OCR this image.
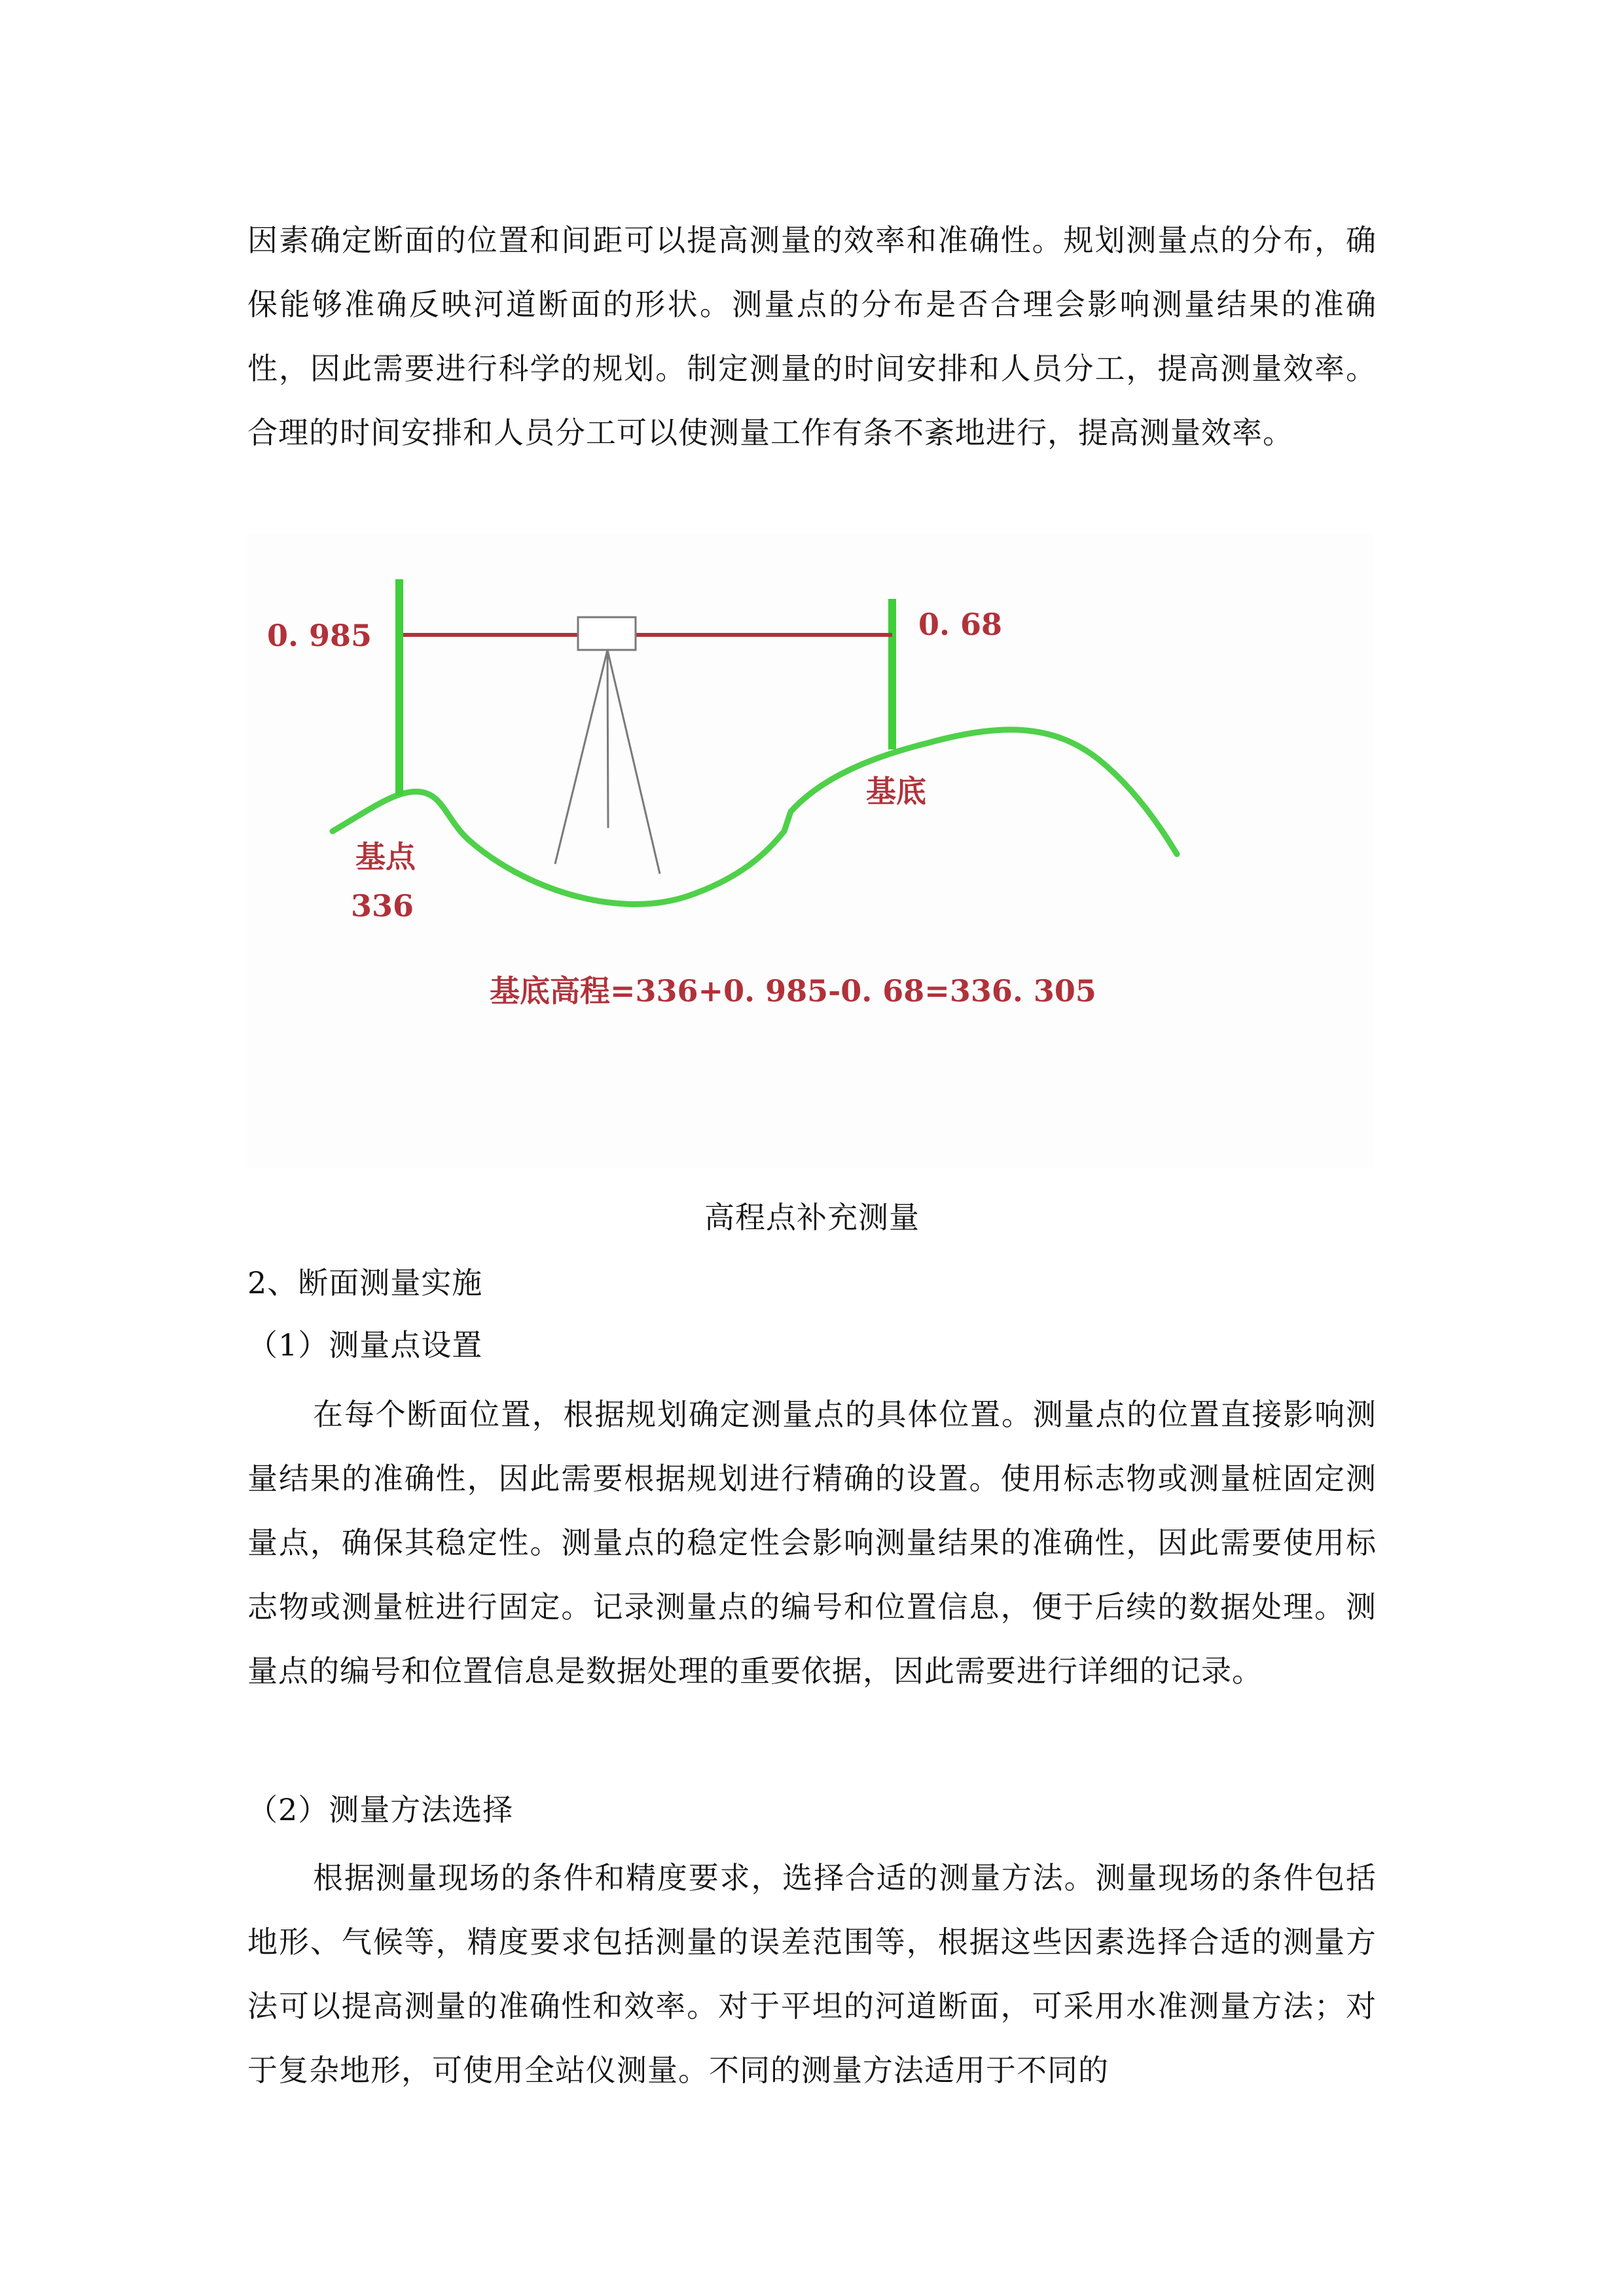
因素确定断面的位置和间距可以提高测量的效率和准确性。规划测量点的分布，确保能够准确反映河道断面的形状。测量点的分布是否合理会影响测量结果的准确性，因此需要进行科学的规划。制定测量的时间安排和人员分工，提高测量效率。合理的时间安排和人员分工可以使测量工作有条不紊地进行，提高测量效率。

0. 985	0. 68
基底
基点
336
基底高程=336+0. 985-0. 68=336. 305

高程点补充测量

2、断面测量实施

（1）测量点设置

在每个断面位置，根据规划确定测量点的具体位置。测量点的位置直接影响测量结果的准确性，因此需要根据规划进行精确的设置。使用标志物或测量桩固定测量点，确保其稳定性。测量点的稳定性会影响测量结果的准确性，因此需要使用标志物或测量桩进行固定。记录测量点的编号和位置信息，便于后续的数据处理。测量点的编号和位置信息是数据处理的重要依据，因此需要进行详细的记录。

（2）测量方法选择

根据测量现场的条件和精度要求，选择合适的测量方法。测量现场的条件包括地形、气候等，精度要求包括测量的误差范围等，根据这些因素选择合适的测量方法可以提高测量的准确性和效率。对于平坦的河道断面，可采用水准测量方法；对于复杂地形，可使用全站仪测量。不同的测量方法适用于不同的
